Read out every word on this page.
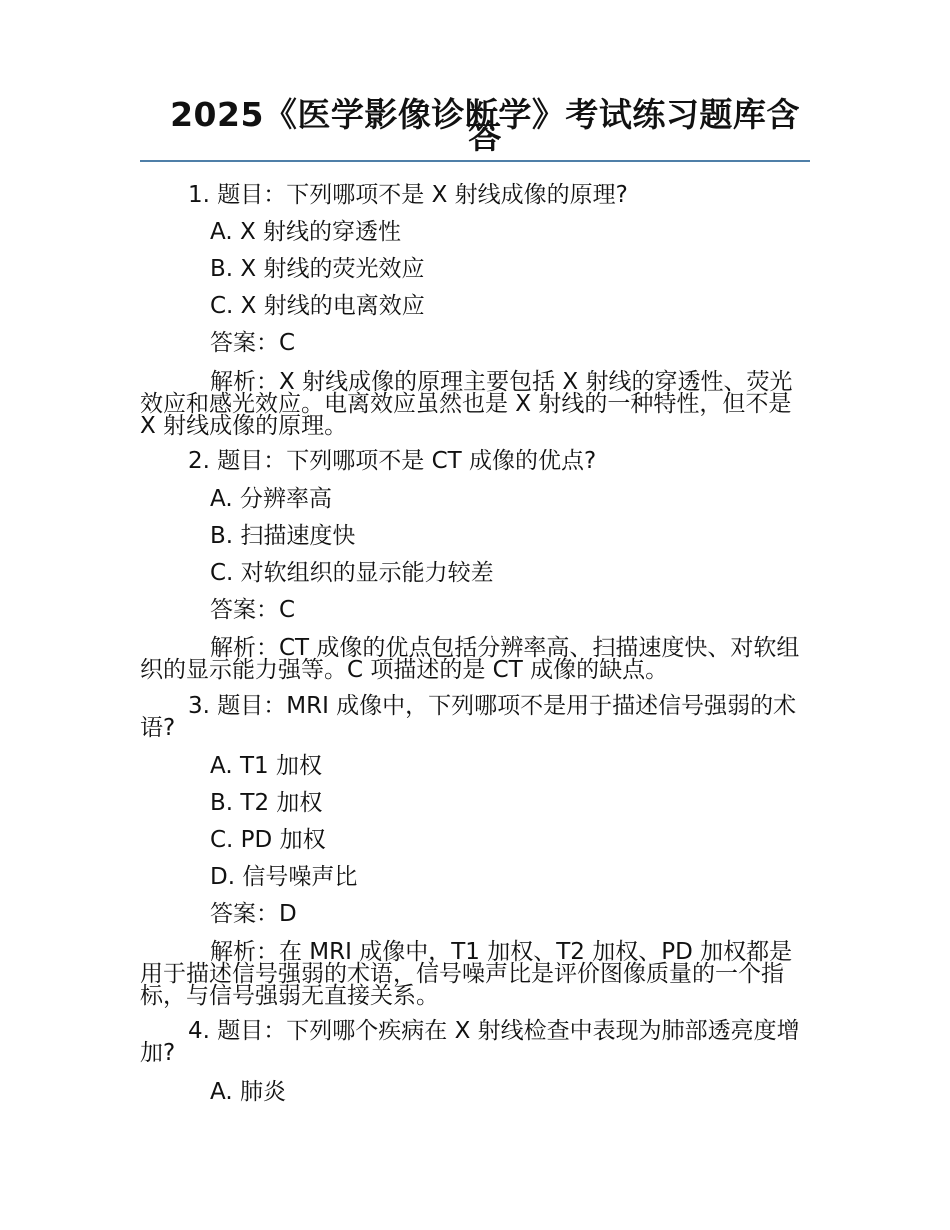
2025《医学影像诊断学》考试练习题库含答
1. 题目：下列哪项不是 X 射线成像的原理?
A. X 射线的穿透性
B. X 射线的荧光效应
C. X 射线的电离效应
答案：C
解析：X 射线成像的原理主要包括 X 射线的穿透性、荧光效应和感光效应。电离效应虽然也是 X 射线的一种特性，但不是 X 射线成像的原理。
2. 题目：下列哪项不是 CT 成像的优点?
A. 分辨率高
B. 扫描速度快
C. 对软组织的显示能力较差
答案：C
解析：CT 成像的优点包括分辨率高、扫描速度快、对软组织的显示能力强等。C 项描述的是 CT 成像的缺点。
3. 题目：MRI 成像中，下列哪项不是用于描述信号强弱的术语?
A. T1 加权
B. T2 加权
C. PD 加权
D. 信号噪声比
答案：D
解析：在 MRI 成像中，T1 加权、T2 加权、PD 加权都是用于描述信号强弱的术语，信号噪声比是评价图像质量的一个指标，与信号强弱无直接关系。
4. 题目：下列哪个疾病在 X 射线检查中表现为肺部透亮度增加?
A. 肺炎
